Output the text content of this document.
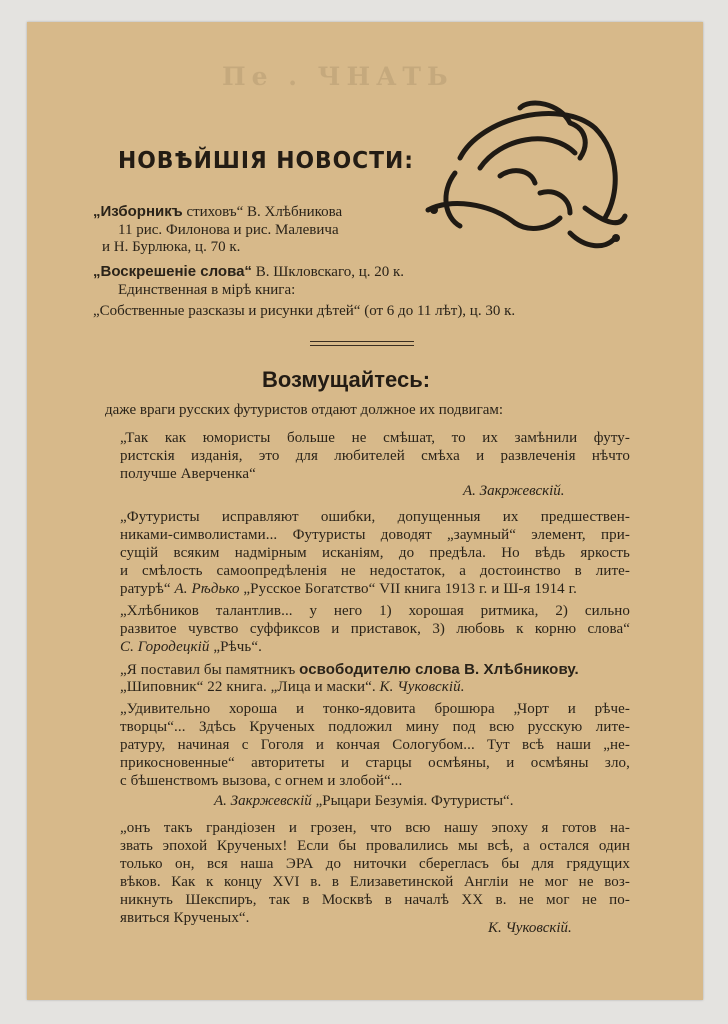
Пе . ЧНАТЬ
НОВѢЙШІЯ НОВОСТИ:
„Изборникъ стиховъ“ В. Хлѣбникова
11 рис. Филонова и рис. Малевича
и Н. Бурлюка, ц. 70 к.
„Воскрешеніе слова“ В. Шкловскаго, ц. 20 к.
Единственная в мірѣ книга:
„Собственные разсказы и рисунки дѣтей“ (от 6 до 11 лѣт), ц. 30 к.
Возмущайтесь:
даже враги русских футуристов отдают должное их подвигам:
„Так как юмористы больше не смѣшат, то их замѣнили футу-
ристскія изданія, это для любителей смѣха и развлеченія нѣчто
получше Аверченка“
А. Закржевскій.
„Футуристы исправляют ошибки, допущенныя их предшествен-
никами-символистами... Футуристы доводят „заумный“ элемент, при-
сущій всяким надмірным исканіям, до предѣла. Но вѣдь яркость
и смѣлость самоопредѣленія не недостаток, а достоинство в лите-
ратурѣ“ А. Рѣдько „Русское Богатство“ VII книга 1913 г. и Ш-я 1914 г.
„Хлѣбников талантлив... у него 1) хорошая ритмика, 2) сильно
развитое чувство суффиксов и приставок, 3) любовь к корню слова“
С. Городецкій „Рѣчь“.
„Я поставил бы памятникъ освободителю слова В. Хлѣбникову.
„Шиповник“ 22 книга. „Лица и маски“. К. Чуковскій.
„Удивительно хороша и тонко-ядовита брошюра „Чорт и рѣче-
творцы“... Здѣсь Крученых подложил мину под всю русскую лите-
ратуру, начиная с Гоголя и кончая Сологубом... Тут всѣ наши „не-
прикосновенные“ авторитеты и старцы осмѣяны, и осмѣяны зло,
с бѣшенствомъ вызова, с огнем и злобой“...
А. Закржевскій „Рыцари Безумія. Футуристы“.
„онъ такъ грандіозен и грозен, что всю нашу эпоху я готов на-
звать эпохой Крученых! Если бы провалились мы всѣ, а остался один
только он, вся наша ЭРА до ниточки сберегласъ бы для грядущих
вѣков. Как к концу XVI в. в Елизаветинской Англіи не мог не воз-
никнуть Шекспиръ, так в Москвѣ в началѣ XX в. не мог не по-
явиться Крученых“.
К. Чуковскій.
